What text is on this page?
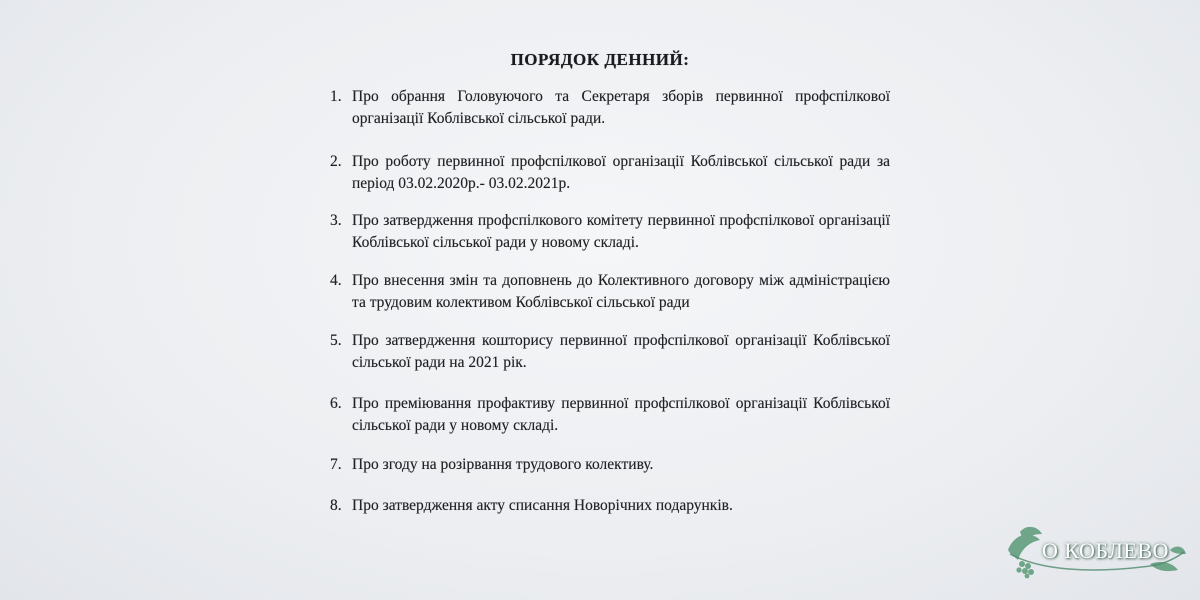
ПОРЯДОК ДЕННИЙ:
1. Про обрання Головуючого та Секретаря зборів первинної профспілкової організації Коблівської сільської ради.
2. Про роботу первинної профспілкової організації Коблівської сільської ради за період 03.02.2020р.- 03.02.2021р.
3. Про затвердження профспілкового комітету первинної профспілкової організації Коблівської сільської ради у новому складі.
4. Про внесення змін та доповнень до Колективного договору між адміністрацією та трудовим колективом Коблівської сільської ради
5. Про затвердження кошторису первинної профспілкової організації Коблівської сільської ради на 2021 рік.
6. Про преміювання профактиву первинної профспілкової організації Коблівської сільської ради у новому складі.
7. Про згоду на розірвання трудового колективу.
8. Про затвердження акту списання Новорічних подарунків.
О КОБЛЕВО
